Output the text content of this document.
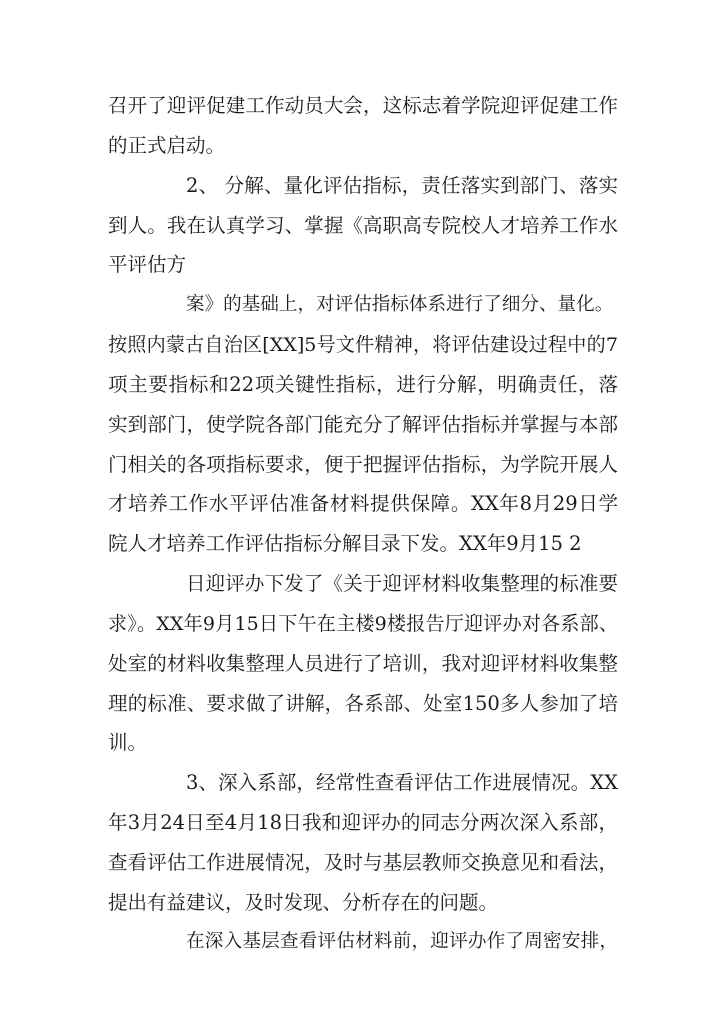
召开了迎评促建工作动员大会，这标志着学院迎评促建工作
的正式启动。
2、 分解、量化评估指标，责任落实到部门、落实
到人。我在认真学习、掌握《高职高专院校人才培养工作水
平评估方
案》的基础上，对评估指标体系进行了细分、量化。
按照内蒙古自治区[XX]5号文件精神，将评估建设过程中的7
项主要指标和22项关键性指标，进行分解，明确责任，落
实到部门，使学院各部门能充分了解评估指标并掌握与本部
门相关的各项指标要求，便于把握评估指标，为学院开展人
才培养工作水平评估准备材料提供保障。XX年8月29日学
院人才培养工作评估指标分解目录下发。XX年9月15 2
日迎评办下发了《关于迎评材料收集整理的标准要
求》。XX年9月15日下午在主楼9楼报告厅迎评办对各系部、
处室的材料收集整理人员进行了培训，我对迎评材料收集整
理的标准、要求做了讲解，各系部、处室150多人参加了培
训。
3、深入系部，经常性查看评估工作进展情况。XX
年3月24日至4月18日我和迎评办的同志分两次深入系部，
查看评估工作进展情况，及时与基层教师交换意见和看法，
提出有益建议，及时发现、分析存在的问题。
在深入基层查看评估材料前，迎评办作了周密安排，
